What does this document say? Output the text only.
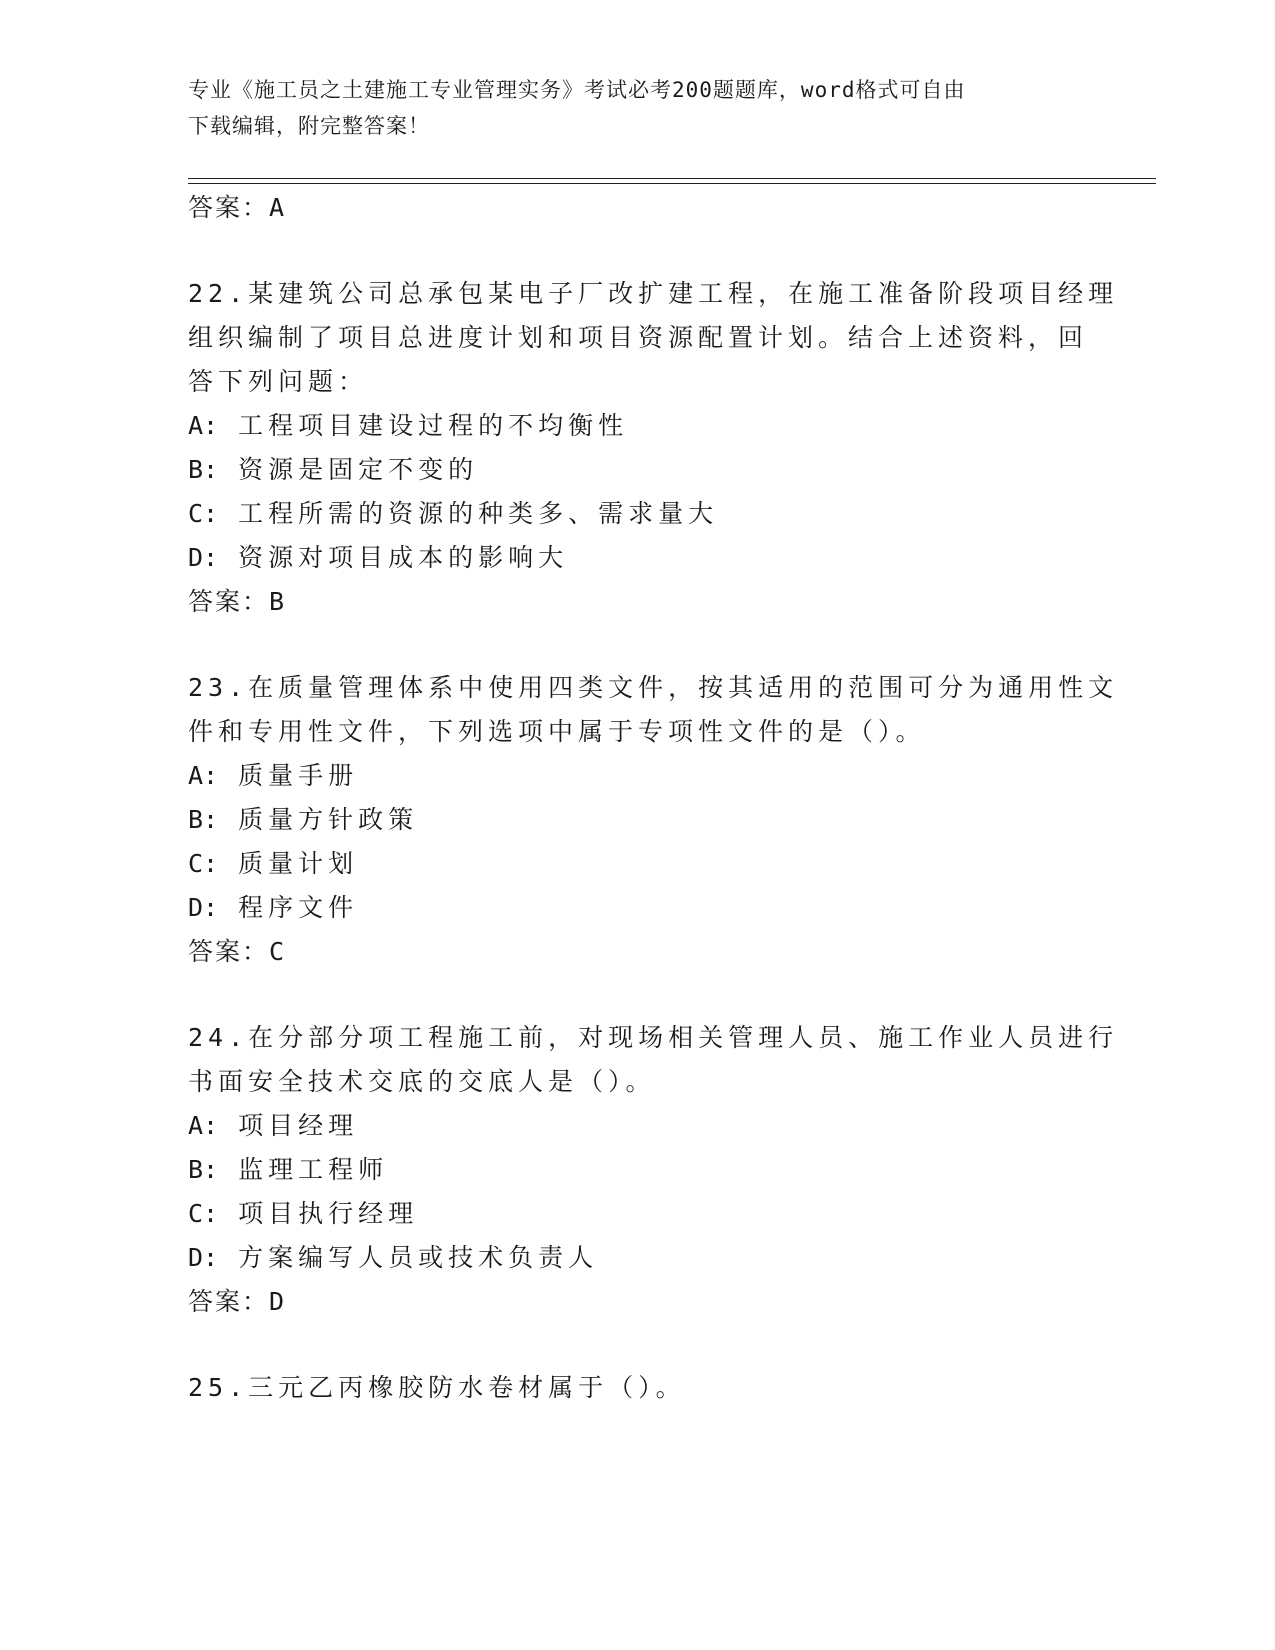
专业《施工员之土建施工专业管理实务》考试必考200题题库，word格式可自由
下载编辑，附完整答案！
答案：A
22.某建筑公司总承包某电子厂改扩建工程，在施工准备阶段项目经理
组织编制了项目总进度计划和项目资源配置计划。结合上述资料，回
答下列问题：
A: 工程项目建设过程的不均衡性
B: 资源是固定不变的
C: 工程所需的资源的种类多、需求量大
D: 资源对项目成本的影响大
答案：B
23.在质量管理体系中使用四类文件，按其适用的范围可分为通用性文
件和专用性文件，下列选项中属于专项性文件的是（）。
A: 质量手册
B: 质量方针政策
C: 质量计划
D: 程序文件
答案：C
24.在分部分项工程施工前，对现场相关管理人员、施工作业人员进行
书面安全技术交底的交底人是（）。
A: 项目经理
B: 监理工程师
C: 项目执行经理
D: 方案编写人员或技术负责人
答案：D
25.三元乙丙橡胶防水卷材属于（）。
